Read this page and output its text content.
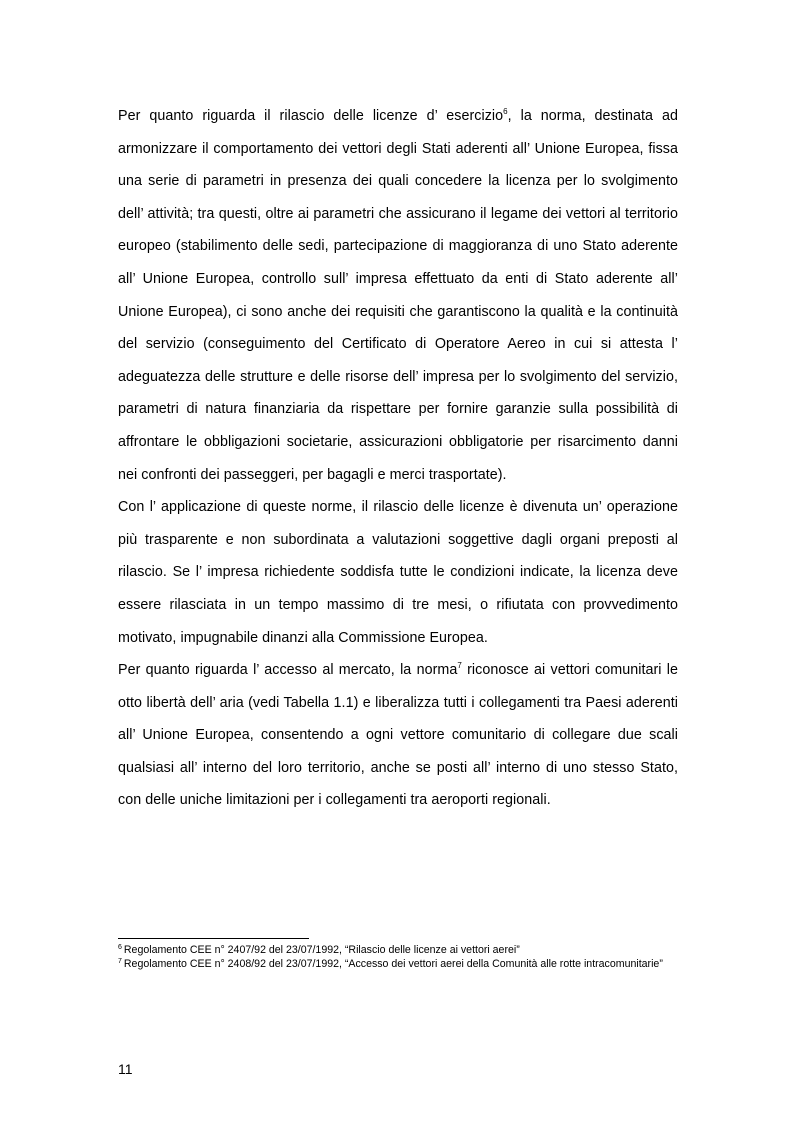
Per quanto riguarda il rilascio delle licenze d’ esercizio$^6$, la norma, destinata ad armonizzare il comportamento dei vettori degli Stati aderenti all’ Unione Europea, fissa una serie di parametri in presenza dei quali concedere la licenza per lo svolgimento dell’ attività; tra questi, oltre ai parametri che assicurano il legame dei vettori al territorio europeo (stabilimento delle sedi, partecipazione di maggioranza di uno Stato aderente all’ Unione Europea, controllo sull’ impresa effettuato da enti di Stato aderente all’ Unione Europea), ci sono anche dei requisiti che garantiscono la qualità e la continuità del servizio (conseguimento del Certificato di Operatore Aereo in cui si attesta l’ adeguatezza delle strutture e delle risorse dell’ impresa per lo svolgimento del servizio, parametri di natura finanziaria da rispettare per fornire garanzie sulla possibilità di affrontare le obbligazioni societarie, assicurazioni obbligatorie per risarcimento danni nei confronti dei passeggeri, per bagagli e merci trasportate).

Con l’ applicazione di queste norme, il rilascio delle licenze è divenuta un’ operazione più trasparente e non subordinata a valutazioni soggettive dagli organi preposti al rilascio. Se l’ impresa richiedente soddisfa tutte le condizioni indicate, la licenza deve essere rilasciata in un tempo massimo di tre mesi, o rifiutata con provvedimento motivato, impugnabile dinanzi alla Commissione Europea.

Per quanto riguarda l’ accesso al mercato, la norma$^7$ riconosce ai vettori comunitari le otto libertà dell’ aria (vedi Tabella 1.1) e liberalizza tutti i collegamenti tra Paesi aderenti all’ Unione Europea, consentendo a ogni vettore comunitario di collegare due scali qualsiasi all’ interno del loro territorio, anche se posti all’ interno di uno stesso Stato, con delle uniche limitazioni per i collegamenti tra aeroporti regionali.

$^6$ Regolamento CEE n° 2407/92 del 23/07/1992, “Rilascio delle licenze ai vettori aerei”

$^7$ Regolamento CEE n° 2408/92 del 23/07/1992, “Accesso dei vettori aerei della Comunità alle rotte intracomunitarie”

11
